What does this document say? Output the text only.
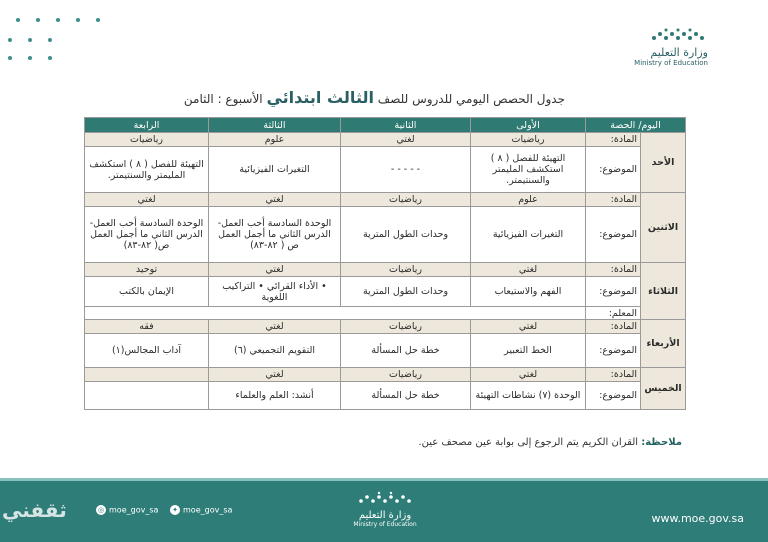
وزارة التعليم
Ministry of Education
جدول الحصص اليومي للدروس للصف الثالث ابتدائي الأسبوع : الثامن
اليوم/ الحصة		الأولى	الثانية	الثالثة	الرابعة
الأحد	المادة:	رياضيات	لغتي	علوم	رياضيات
	الموضوع:	التهيئة للفصل ( ٨ ) استكشف المليمتر والسنتيمتر.	- - - - -	التغيرات الفيزيائية	التهيئة للفصل ( ٨ ) استكشف المليمتر والسنتيمتر.
الاثنين	المادة:	علوم	رياضيات	لغتي	لغتي
	الموضوع:	التغيرات الفيزيائية	وحدات الطول المترية	الوحدة السادسة أحب العمل- الدرس الثاني ما أجمل العمل ص ( ٨٢-٨٣)	الوحدة السادسة أحب العمل- الدرس الثاني ما أجمل العمل ص( ٨٢-٨٣)
الثلاثاء	المادة:	لغتي	رياضيات	لغتي	توحيد
	الموضوع:	الفهم والاستيعاب	وحدات الطول المترية	• الأداء القرائي • التراكيب اللغوية	الإيمان بالكتب
	المعلم:				
الأربعاء	المادة:	لغتي	رياضيات	لغتي	فقه
	الموضوع:	الخط التعبير	خطة حل المسألة	التقويم التجميعي (٦)	آداب المجالس(١)
الخميس	المادة:	لغتي	رياضيات	لغتي	
	الموضوع:	الوحدة (٧) نشاطات التهيئة	خطة حل المسألة	أنشد: العلم والعلماء	
ملاحظة: القران الكريم يتم الرجوع إلى بوابة عين مصحف عين.
ثقفني	◎ moe_gov_sa ✦ moe_gov_sa	وزارة التعليم
Ministry of Education	www.moe.gov.sa
